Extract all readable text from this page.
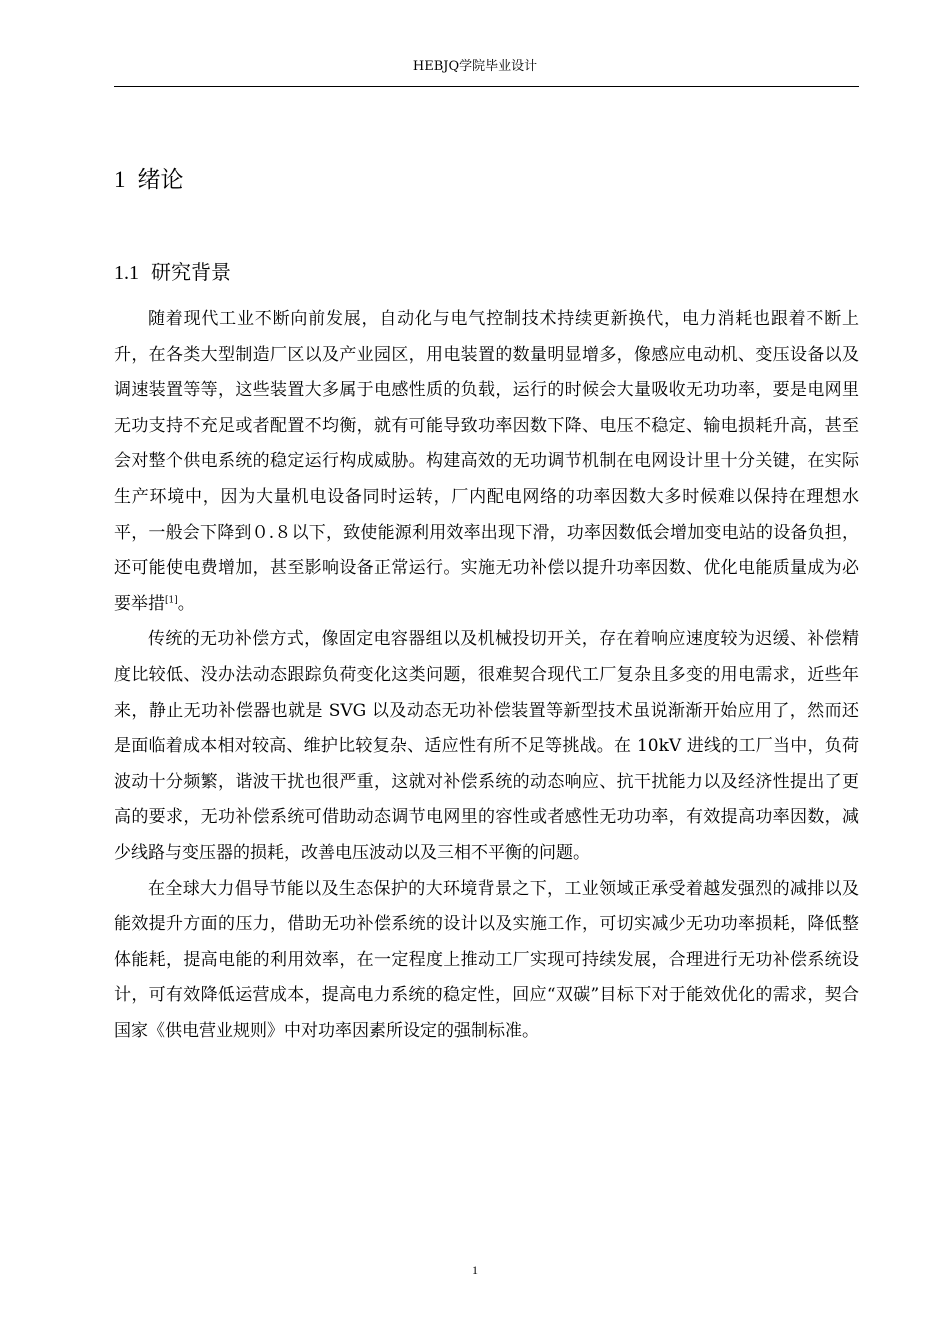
HEBJQ学院毕业设计
1 绪论
1.1 研究背景

随着现代工业不断向前发展，自动化与电气控制技术持续更新换代，电力消耗也跟着不断上升，在各类大型制造厂区以及产业园区，用电装置的数量明显增多，像感应电动机、变压设备以及调速装置等等，这些装置大多属于电感性质的负载，运行的时候会大量吸收无功功率，要是电网里无功支持不充足或者配置不均衡，就有可能导致功率因数下降、电压不稳定、输电损耗升高，甚至会对整个供电系统的稳定运行构成威胁。构建高效的无功调节机制在电网设计里十分关键，在实际生产环境中，因为大量机电设备同时运转，厂内配电网络的功率因数大多时候难以保持在理想水平，一般会下降到０.８以下，致使能源利用效率出现下滑，功率因数低会增加变电站的设备负担，还可能使电费增加，甚至影响设备正常运行。实施无功补偿以提升功率因数、优化电能质量成为必要举措[1]。

传统的无功补偿方式，像固定电容器组以及机械投切开关，存在着响应速度较为迟缓、补偿精度比较低、没办法动态跟踪负荷变化这类问题，很难契合现代工厂复杂且多变的用电需求，近些年来，静止无功补偿器也就是 SVG 以及动态无功补偿装置等新型技术虽说渐渐开始应用了，然而还是面临着成本相对较高、维护比较复杂、适应性有所不足等挑战。在 10kV 进线的工厂当中，负荷波动十分频繁，谐波干扰也很严重，这就对补偿系统的动态响应、抗干扰能力以及经济性提出了更高的要求，无功补偿系统可借助动态调节电网里的容性或者感性无功功率，有效提高功率因数，减少线路与变压器的损耗，改善电压波动以及三相不平衡的问题。

在全球大力倡导节能以及生态保护的大环境背景之下，工业领域正承受着越发强烈的减排以及能效提升方面的压力，借助无功补偿系统的设计以及实施工作，可切实减少无功功率损耗，降低整体能耗，提高电能的利用效率，在一定程度上推动工厂实现可持续发展，合理进行无功补偿系统设计，可有效降低运营成本，提高电力系统的稳定性，回应“双碳”目标下对于能效优化的需求，契合国家《供电营业规则》中对功率因素所设定的强制标准。

1
